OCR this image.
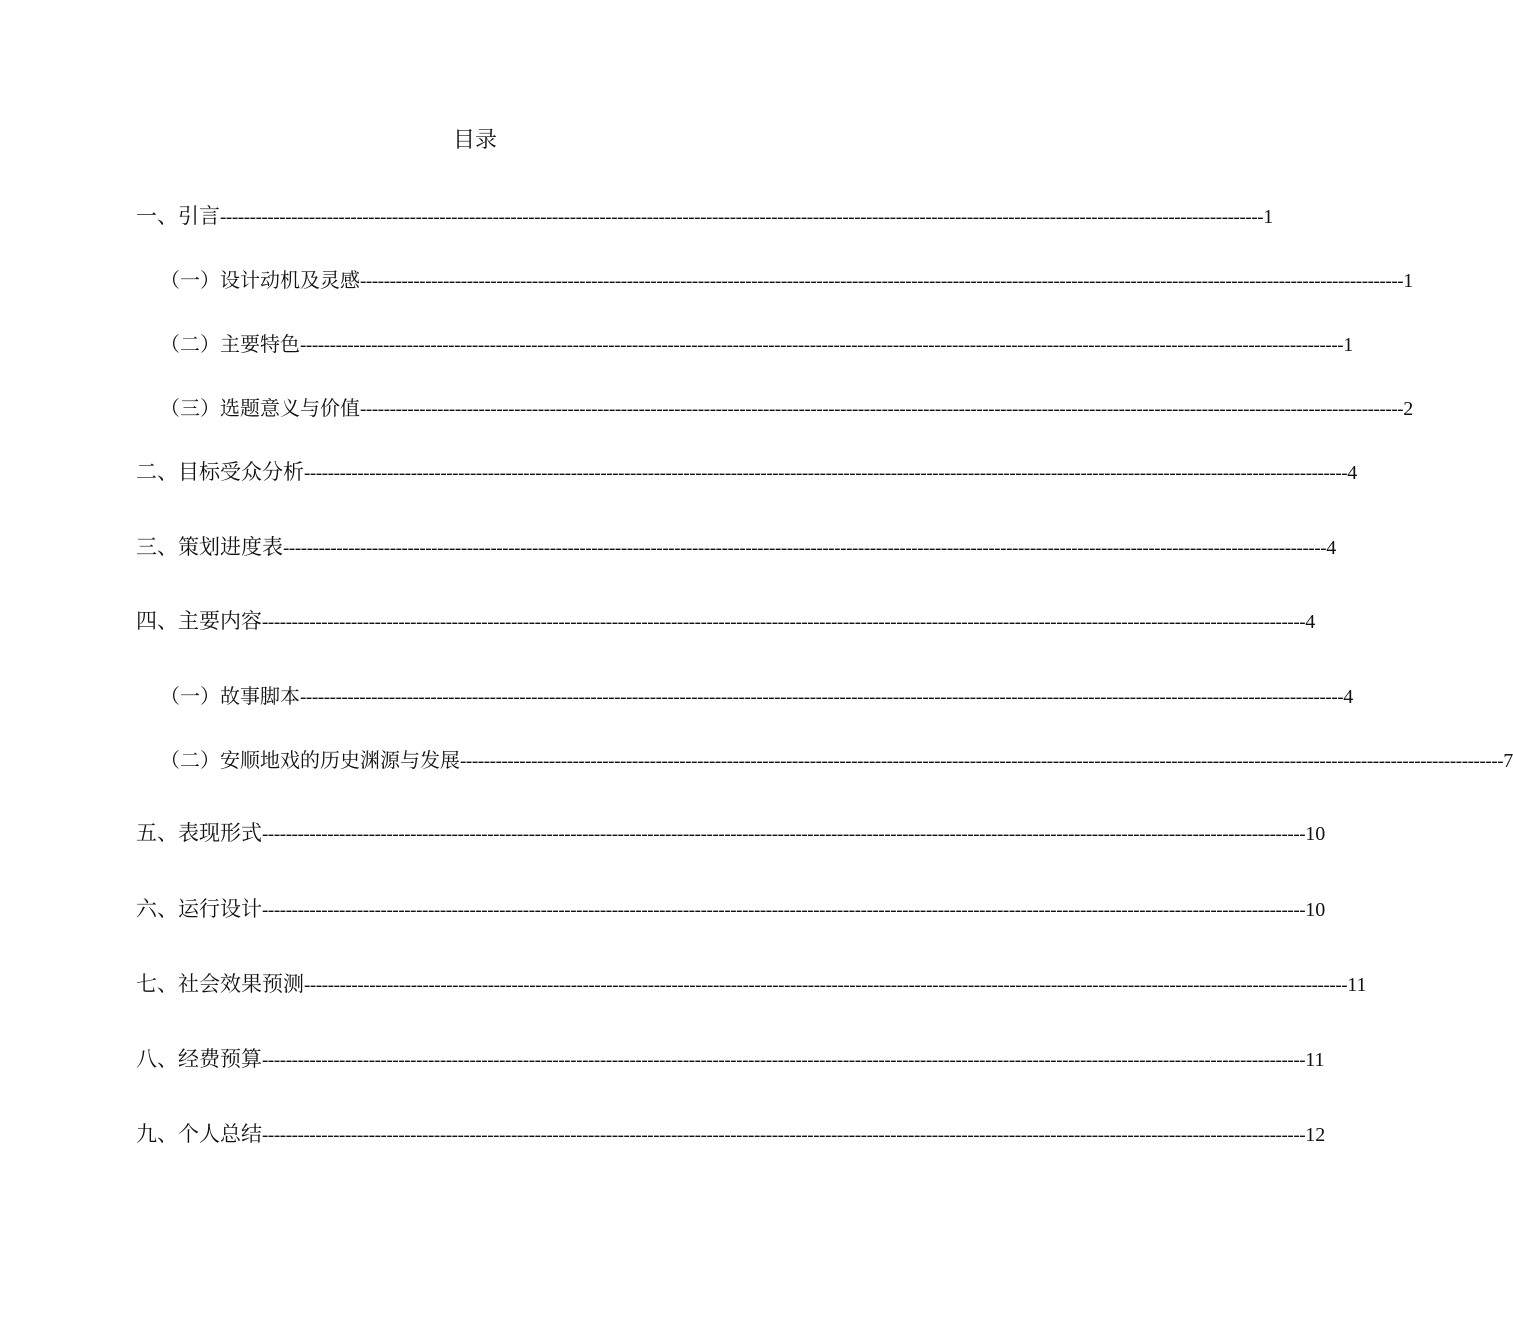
目录
一、引言 -------------------------------------------------------------------------------------------------------------------------------------------------------------------------------- 1
（一）设计动机及灵感 -------------------------------------------------------------------------------------------------------------------------------------------------------------------------------- 1
（二）主要特色 -------------------------------------------------------------------------------------------------------------------------------------------------------------------------------- 1
（三）选题意义与价值 -------------------------------------------------------------------------------------------------------------------------------------------------------------------------------- 2
二、目标受众分析 -------------------------------------------------------------------------------------------------------------------------------------------------------------------------------- 4
三、策划进度表 -------------------------------------------------------------------------------------------------------------------------------------------------------------------------------- 4
四、主要内容 -------------------------------------------------------------------------------------------------------------------------------------------------------------------------------- 4
（一）故事脚本 -------------------------------------------------------------------------------------------------------------------------------------------------------------------------------- 4
（二）安顺地戏的历史渊源与发展 -------------------------------------------------------------------------------------------------------------------------------------------------------------------------------- 7
五、表现形式 -------------------------------------------------------------------------------------------------------------------------------------------------------------------------------- 10
六、运行设计 -------------------------------------------------------------------------------------------------------------------------------------------------------------------------------- 10
七、社会效果预测 -------------------------------------------------------------------------------------------------------------------------------------------------------------------------------- 11
八、经费预算 -------------------------------------------------------------------------------------------------------------------------------------------------------------------------------- 11
九、个人总结 -------------------------------------------------------------------------------------------------------------------------------------------------------------------------------- 12
